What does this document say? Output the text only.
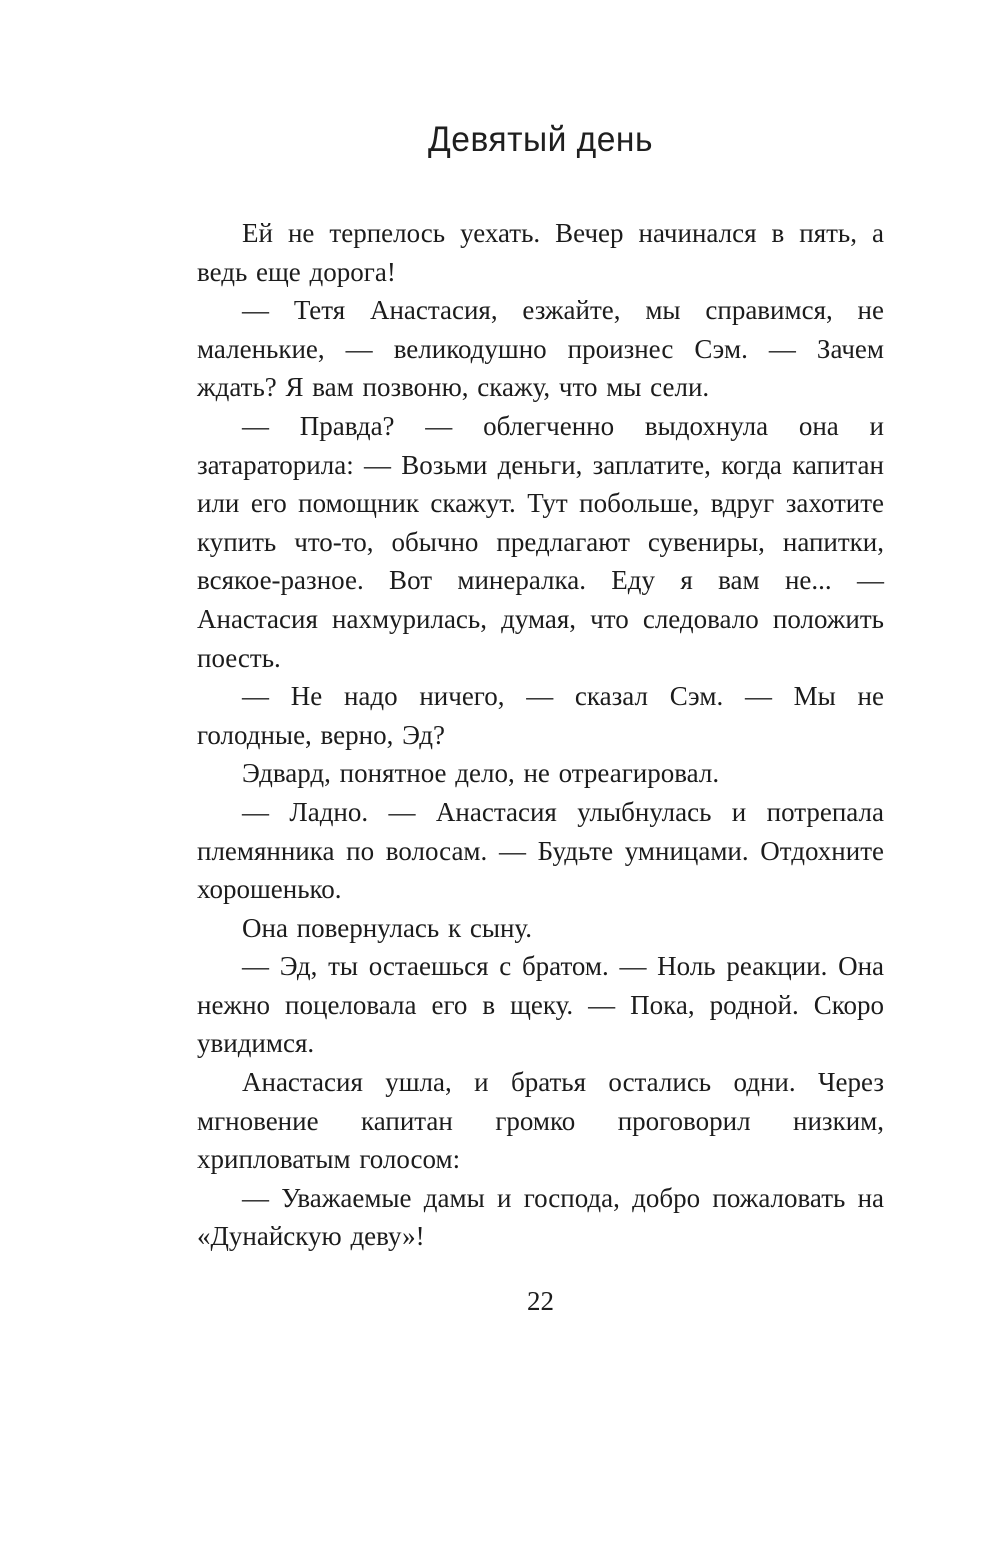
Девятый день

Ей не терпелось уехать. Вечер начинался в пять, а ведь еще дорога!

— Тетя Анастасия, езжайте, мы справимся, не маленькие, — великодушно произнес Сэм. — Зачем ждать? Я вам позвоню, скажу, что мы сели.

— Правда? — облегченно выдохнула она и затараторила: — Возьми деньги, заплатите, когда капитан или его помощник скажут. Тут побольше, вдруг захотите купить что-то, обычно предлагают сувениры, напитки, всякое-разное. Вот минералка. Еду я вам не... — Анастасия нахмурилась, думая, что следовало положить поесть.

— Не надо ничего, — сказал Сэм. — Мы не голодные, верно, Эд?

Эдвард, понятное дело, не отреагировал.

— Ладно. — Анастасия улыбнулась и потрепала племянника по волосам. — Будьте умницами. Отдохните хорошенько.

Она повернулась к сыну.

— Эд, ты остаешься с братом. — Ноль реакции. Она нежно поцеловала его в щеку. — Пока, родной. Скоро увидимся.

Анастасия ушла, и братья остались одни. Через мгновение капитан громко проговорил низким, хрипловатым голосом:

— Уважаемые дамы и господа, добро пожаловать на «Дунайскую деву»!

22
